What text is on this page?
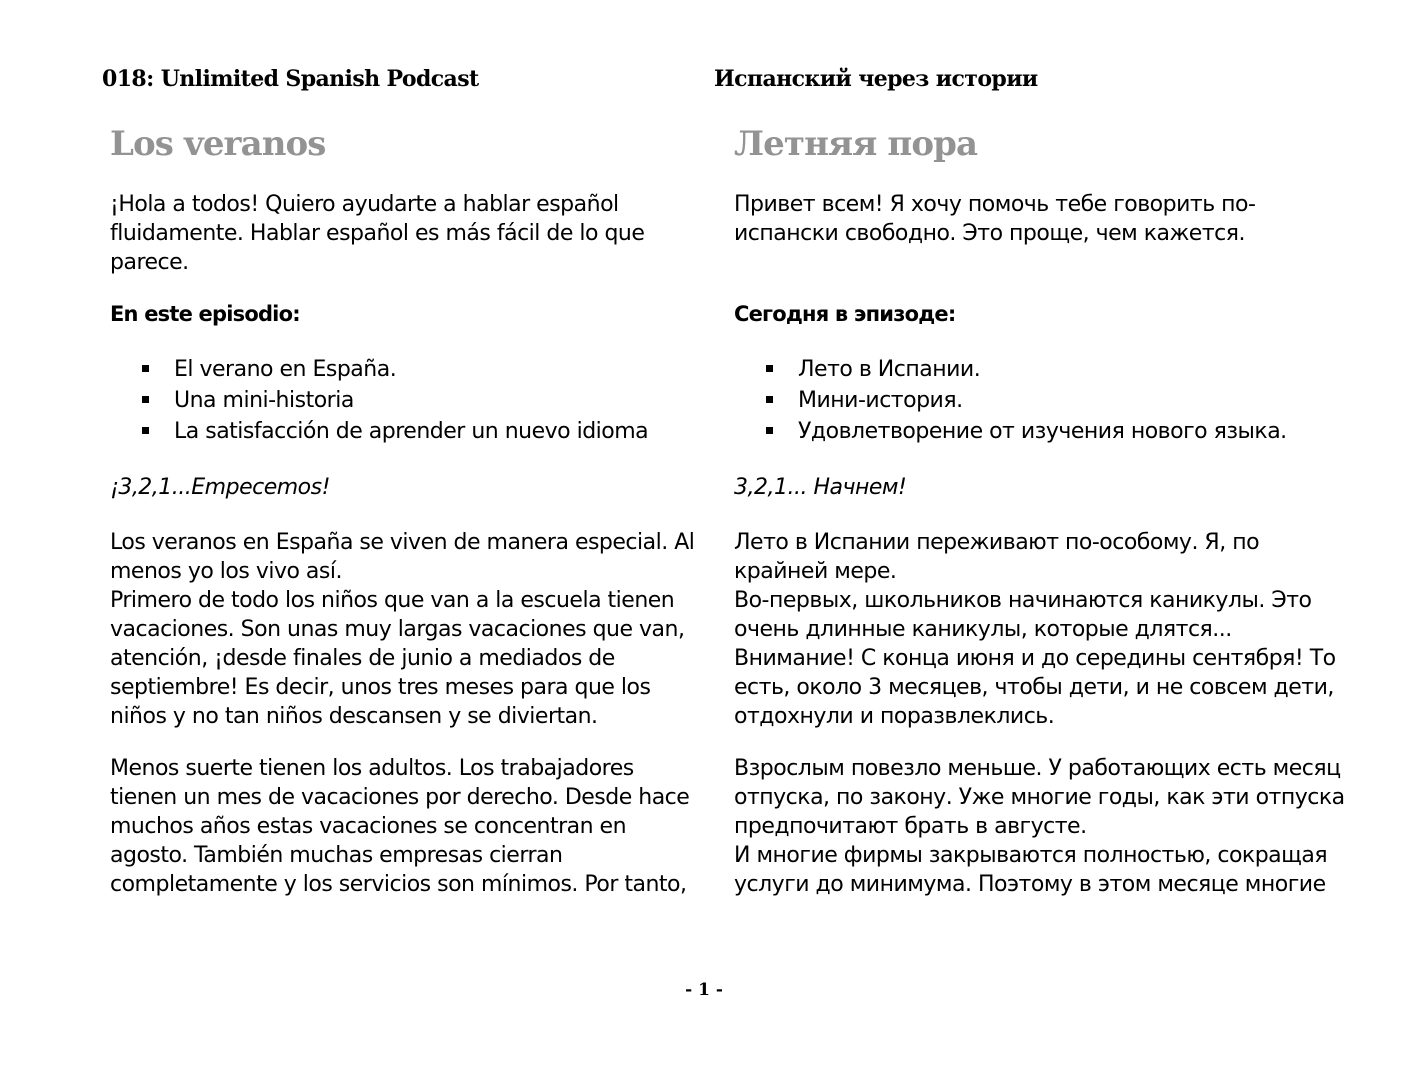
018: Unlimited Spanish Podcast	Испанский через истории
Los veranos

¡Hola a todos! Quiero ayudarte a hablar español
fluidamente. Hablar español es más fácil de lo que
parece.

En este episodio:
El verano en España.
Una mini-historia
La satisfacción de aprender un nuevo idioma
¡3,2,1...Empecemos!

Los veranos en España se viven de manera especial. Al
menos yo los vivo así.
Primero de todo los niños que van a la escuela tienen
vacaciones. Son unas muy largas vacaciones que van,
atención, ¡desde finales de junio a mediados de
septiembre! Es decir, unos tres meses para que los
niños y no tan niños descansen y se diviertan.

Menos suerte tienen los adultos. Los trabajadores
tienen un mes de vacaciones por derecho. Desde hace
muchos años estas vacaciones se concentran en
agosto. También muchas empresas cierran
completamente y los servicios son mínimos. Por tanto,

Летняя пора

Привет всем! Я хочу помочь тебе говорить по-
испански свободно. Это проще, чем кажется.

Сегодня в эпизоде:
Лето в Испании.
Мини-история.
Удовлетворение от изучения нового языка.
3,2,1... Начнем!

Лето в Испании переживают по-особому. Я, по
крайней мере.
Во-первых, школьников начинаются каникулы. Это
очень длинные каникулы, которые длятся...
Внимание! С конца июня и до середины сентября! То
есть, около 3 месяцев, чтобы дети, и не совсем дети,
отдохнули и поразвлеклись.

Взрослым повезло меньше. У работающих есть месяц
отпуска, по закону. Уже многие годы, как эти отпуска
предпочитают брать в августе.
И многие фирмы закрываются полностью, сокращая
услуги до минимума. Поэтому в этом месяце многие

- 1 -
